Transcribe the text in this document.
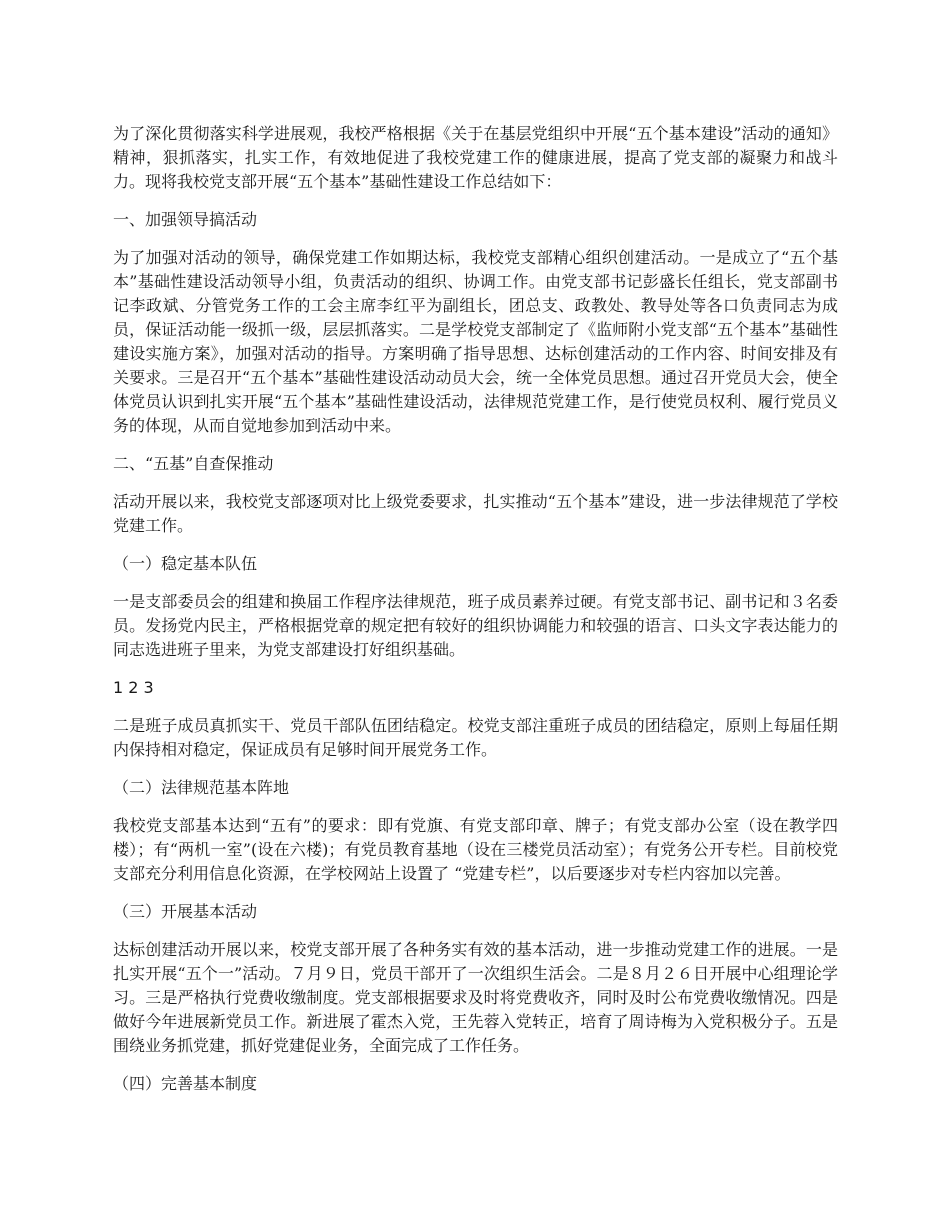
为了深化贯彻落实科学进展观，我校严格根据《关于在基层党组织中开展“五个基本建设”活动的通知》精神，狠抓落实，扎实工作，有效地促进了我校党建工作的健康进展，提高了党支部的凝聚力和战斗力。现将我校党支部开展“五个基本”基础性建设工作总结如下：

一、加强领导搞活动

为了加强对活动的领导，确保党建工作如期达标，我校党支部精心组织创建活动。一是成立了“五个基本”基础性建设活动领导小组，负责活动的组织、协调工作。由党支部书记彭盛长任组长，党支部副书记李政斌、分管党务工作的工会主席李红平为副组长，团总支、政教处、教导处等各口负责同志为成员，保证活动能一级抓一级，层层抓落实。二是学校党支部制定了《监师附小党支部“五个基本”基础性建设实施方案》，加强对活动的指导。方案明确了指导思想、达标创建活动的工作内容、时间安排及有关要求。三是召开“五个基本”基础性建设活动动员大会，统一全体党员思想。通过召开党员大会，使全体党员认识到扎实开展“五个基本”基础性建设活动，法律规范党建工作，是行使党员权利、履行党员义务的体现，从而自觉地参加到活动中来。

二、“五基”自查保推动

活动开展以来，我校党支部逐项对比上级党委要求，扎实推动“五个基本”建设，进一步法律规范了学校党建工作。

（一）稳定基本队伍

一是支部委员会的组建和换届工作程序法律规范，班子成员素养过硬。有党支部书记、副书记和３名委员。发扬党内民主，严格根据党章的规定把有较好的组织协调能力和较强的语言、口头文字表达能力的同志选进班子里来，为党支部建设打好组织基础。

1 2 3

二是班子成员真抓实干、党员干部队伍团结稳定。校党支部注重班子成员的团结稳定，原则上每届任期内保持相对稳定，保证成员有足够时间开展党务工作。

（二）法律规范基本阵地

我校党支部基本达到“五有”的要求：即有党旗、有党支部印章、牌子；有党支部办公室（设在教学四楼）；有“两机一室”(设在六楼)；有党员教育基地（设在三楼党员活动室）；有党务公开专栏。目前校党支部充分利用信息化资源，在学校网站上设置了 “党建专栏”，以后要逐步对专栏内容加以完善。

（三）开展基本活动

达标创建活动开展以来，校党支部开展了各种务实有效的基本活动，进一步推动党建工作的进展。一是扎实开展“五个一”活动。７月９日，党员干部开了一次组织生活会。二是８月２６日开展中心组理论学习。三是严格执行党费收缴制度。党支部根据要求及时将党费收齐，同时及时公布党费收缴情况。四是做好今年进展新党员工作。新进展了霍杰入党，王先蓉入党转正，培育了周诗梅为入党积极分子。五是围绕业务抓党建，抓好党建促业务，全面完成了工作任务。

（四）完善基本制度
